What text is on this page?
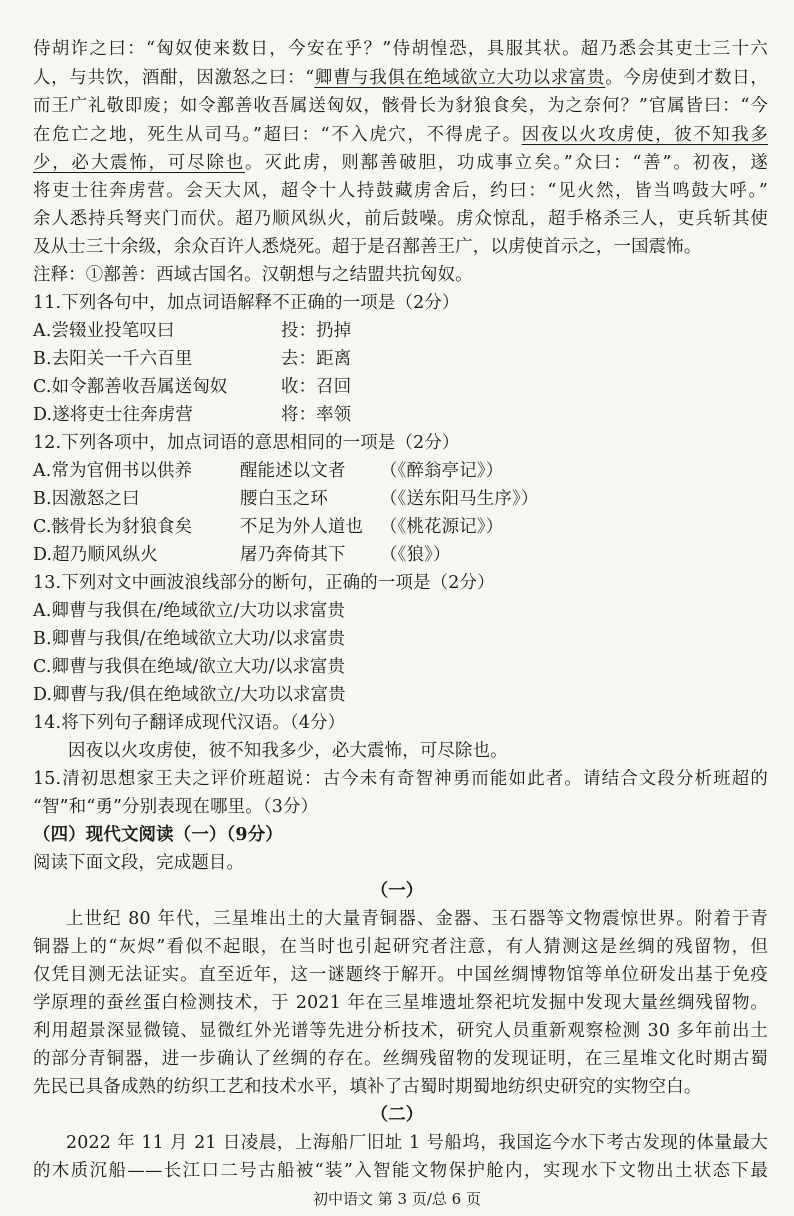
侍胡诈之曰：“匈奴使来数日，今安在乎？”侍胡惶恐，具服其状。超乃悉会其吏士三十六
人，与共饮，酒酣，因激怒之曰：“卿曹与我俱在绝域欲立大功以求富贵。今房使到才数日，
而王广礼敬即废；如令鄯善收吾属送匈奴，骸骨长为豺狼食矣，为之奈何？”官属皆曰：“今
在危亡之地，死生从司马。”超曰：“不入虎穴，不得虎子。因夜以火攻虏使，彼不知我多
少，必大震怖，可尽除也。灭此虏，则鄯善破胆，功成事立矣。”众曰：“善”。初夜，遂
将吏士往奔虏营。会天大风，超令十人持鼓藏虏舍后，约曰：“见火然，皆当鸣鼓大呼。”
余人悉持兵弩夹门而伏。超乃顺风纵火，前后鼓噪。虏众惊乱，超手格杀三人，吏兵斩其使
及从士三十余级，余众百许人悉烧死。超于是召鄯善王广，以虏使首示之，一国震怖。
注释：①鄯善：西域古国名。汉朝想与之结盟共抗匈奴。
11.下列各句中，加点词语解释不正确的一项是（2分）
A.尝辍业投笔叹曰	投：扔掉
B.去阳关一千六百里	去：距离
C.如令鄯善收吾属送匈奴	收：召回
D.遂将吏士往奔虏营	将：率领
12.下列各项中，加点词语的意思相同的一项是（2分）
A.常为官佣书以供养	醒能述以文者 （《醉翁亭记》）
B.因激怒之曰	腰白玉之环	（《送东阳马生序》）
C.骸骨长为豺狼食矣	不足为外人道也 （《桃花源记》）
D.超乃顺风纵火	屠乃奔倚其下 （《狼》）
13.下列对文中画波浪线部分的断句，正确的一项是（2分）
A.卿曹与我俱在/绝域欲立/大功以求富贵
B.卿曹与我俱/在绝域欲立大功/以求富贵
C.卿曹与我俱在绝域/欲立大功/以求富贵
D.卿曹与我/俱在绝域欲立/大功以求富贵
14.将下列句子翻译成现代汉语。（4分）
因夜以火攻虏使，彼不知我多少，必大震怖，可尽除也。
15.清初思想家王夫之评价班超说：古今未有奇智神勇而能如此者。请结合文段分析班超的
“智”和“勇”分别表现在哪里。（3分）
（四）现代文阅读（一）（9分）
阅读下面文段，完成题目。
（一）
上世纪 80 年代，三星堆出土的大量青铜器、金器、玉石器等文物震惊世界。附着于青
铜器上的“灰烬”看似不起眼，在当时也引起研究者注意，有人猜测这是丝绸的残留物，但
仅凭目测无法证实。直至近年，这一谜题终于解开。中国丝绸博物馆等单位研发出基于免疫
学原理的蚕丝蛋白检测技术，于 2021 年在三星堆遗址祭祀坑发掘中发现大量丝绸残留物。
利用超景深显微镜、显微红外光谱等先进分析技术，研究人员重新观察检测 30 多年前出土
的部分青铜器，进一步确认了丝绸的存在。丝绸残留物的发现证明，在三星堆文化时期古蜀
先民已具备成熟的纺织工艺和技术水平，填补了古蜀时期蜀地纺织史研究的实物空白。
（二）
2022 年 11 月 21 日凌晨，上海船厂旧址 1 号船坞，我国迄今水下考古发现的体量最大
的木质沉船——长江口二号古船被“装”入智能文物保护舱内，实现水下文物出土状态下最
初中语文 第 3 页/总 6 页
